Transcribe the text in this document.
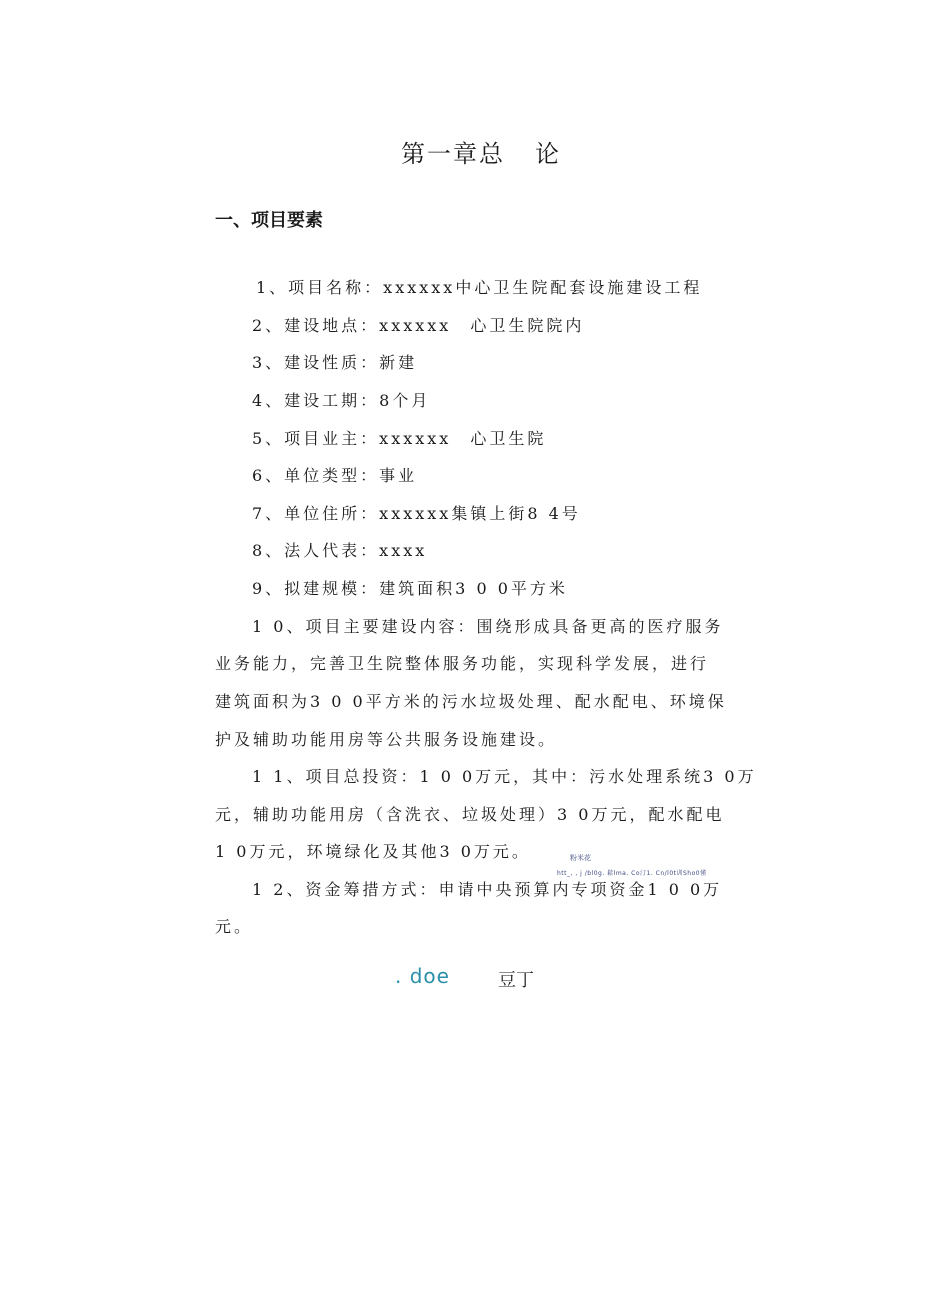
第一章总 论
一、项目要素
1、项目名称：xxxxxx中心卫生院配套设施建设工程
2、建设地点：xxxxxx　心卫生院院内
3、建设性质：新建
4、建设工期：8个月
5、项目业主：xxxxxx　心卫生院
6、单位类型：事业
7、单位住所：xxxxxx集镇上街8 4号
8、法人代表：xxxx
9、拟建规模：建筑面积3 0 0平方米
1 0、项目主要建设内容：围绕形成具备更高的医疗服务
业务能力，完善卫生院整体服务功能，实现科学发展，进行
建筑面积为3 0 0平方米的污水垃圾处理、配水配电、环境保
护及辅助功能用房等公共服务设施建设。
1 1、项目总投资：1 0 0万元，其中：污水处理系统3 0万
元，辅助功能用房（含洗衣、垃圾处理）3 0万元，配水配电
1 0万元，环境绿化及其他3 0万元。	粉米花
htt_, , j /bl0g. 鬆lma. Co汀1. Cn/l0t训Sho0懂
1 2、资金筹措方式：申请中央预算内专项资金1 0 0万
元。
. doe	豆丁
